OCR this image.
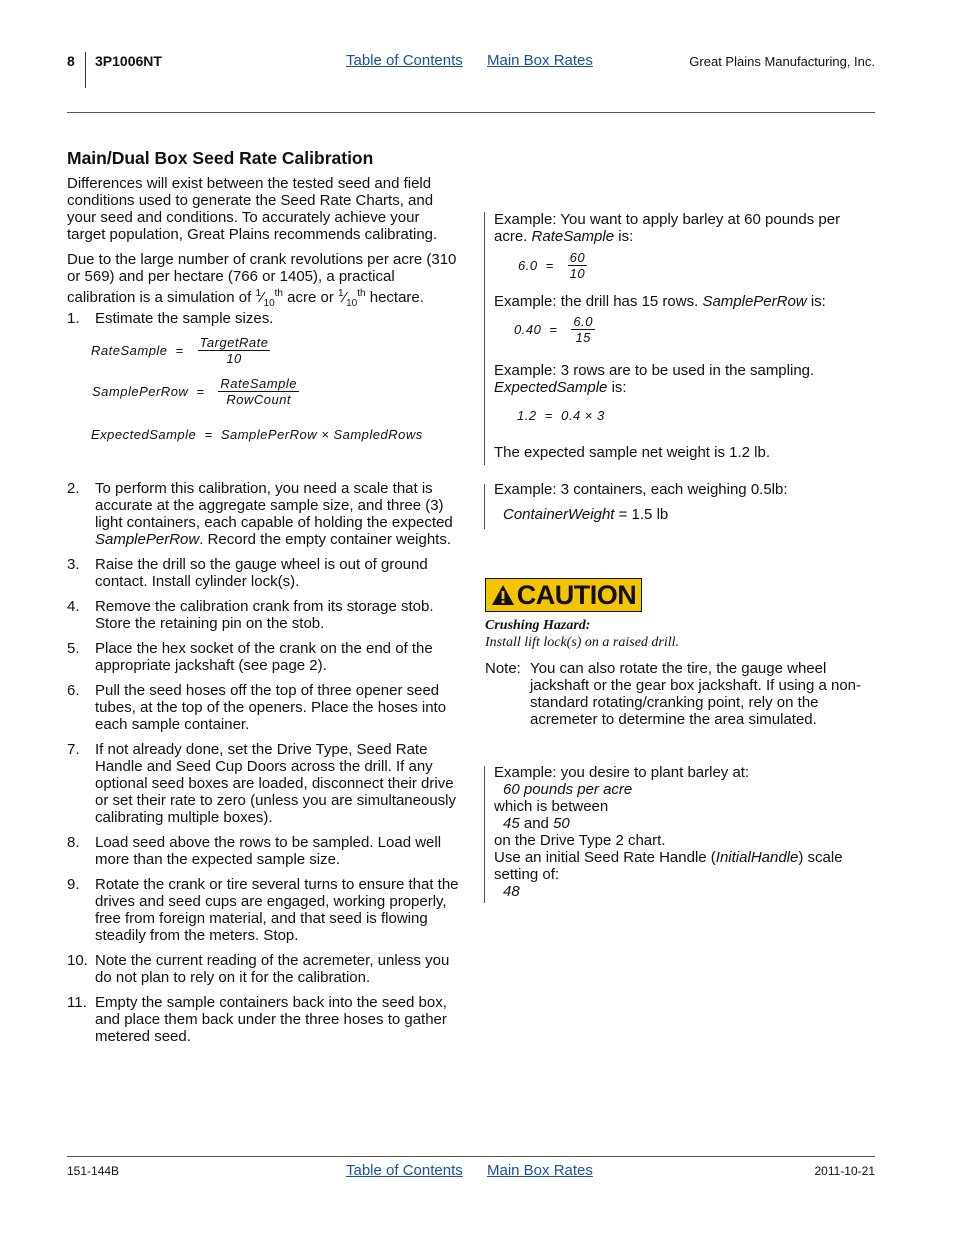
8 3P1006NT	Table of Contents Main Box Rates	Great Plains Manufacturing, Inc.
Main/Dual Box Seed Rate Calibration

Differences will exist between the tested seed and field conditions used to generate the Seed Rate Charts, and your seed and conditions. To accurately achieve your target population, Great Plains recommends calibrating.

Due to the large number of crank revolutions per acre (310 or 569) and per hectare (766 or 1405), a practical calibration is a simulation of $^1⁄_{10}^{th}$ acre or $^1⁄_{10}^{th}$ hectare.

1. Estimate the sample sizes.
RateSample = $\frac{\text{TargetRate}}{10}$
SamplePerRow = $\frac{\text{RateSample}}{\text{RowCount}}$
ExpectedSample  =  SamplePerRow × SampledRows
2. To perform this calibration, you need a scale that is accurate at the aggregate sample size, and three (3) light containers, each capable of holding the expected SamplePerRow. Record the empty container weights.
3. Raise the drill so the gauge wheel is out of ground contact. Install cylinder lock(s).
4. Remove the calibration crank from its storage stob. Store the retaining pin on the stob.
5. Place the hex socket of the crank on the end of the appropriate jackshaft (see page 2).
6. Pull the seed hoses off the top of three opener seed tubes, at the top of the openers. Place the hoses into each sample container.
7. If not already done, set the Drive Type, Seed Rate Handle and Seed Cup Doors across the drill. If any optional seed boxes are loaded, disconnect their drive or set their rate to zero (unless you are simultaneously calibrating multiple boxes).
8. Load seed above the rows to be sampled. Load well more than the expected sample size.
9. Rotate the crank or tire several turns to ensure that the drives and seed cups are engaged, working properly, free from foreign material, and that seed is flowing steadily from the meters. Stop.
10. Note the current reading of the acremeter, unless you do not plan to rely on it for the calibration.
11. Empty the sample containers back into the seed box, and place them back under the three hoses to gather metered seed.

Example: You want to apply barley at 60 pounds per acre. RateSample is:

$6.0 = \frac{60}{10}$

Example: the drill has 15 rows. SamplePerRow is:

$0.40 = \frac{6.0}{15}$

Example: 3 rows are to be used in the sampling. ExpectedSample is:

1.2  =  0.4 × 3

The expected sample net weight is 1.2 lb.

Example: 3 containers, each weighing 0.5lb:

ContainerWeight = 1.5 lb

CAUTION
Crushing Hazard:
Install lift lock(s) on a raised drill.
Note: You can also rotate the tire, the gauge wheel jackshaft or the gear box jackshaft. If using a non-standard rotating/cranking point, rely on the acremeter to determine the area simulated.
Example: you desire to plant barley at:
60 pounds per acre
which is between
45 and 50
on the Drive Type 2 chart.
Use an initial Seed Rate Handle (InitialHandle) scale setting of:
48
151-144B	Table of Contents Main Box Rates	2011-10-21
